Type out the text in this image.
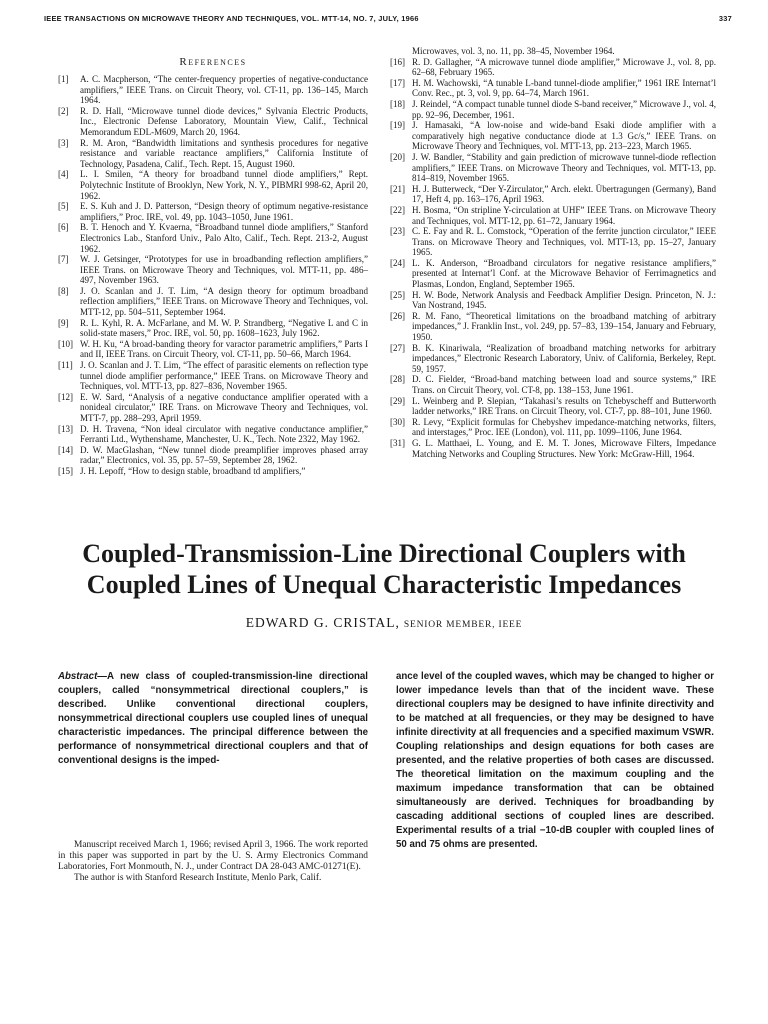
IEEE TRANSACTIONS ON MICROWAVE THEORY AND TECHNIQUES, VOL. MTT-14, NO. 7, JULY, 1966	337
References

[1] A. C. Macpherson, “The center-frequency properties of negative-conductance amplifiers,” IEEE Trans. on Circuit Theory, vol. CT-11, pp. 136–145, March 1964.

[2] R. D. Hall, “Microwave tunnel diode devices,” Sylvania Electric Products, Inc., Electronic Defense Laboratory, Mountain View, Calif., Technical Memorandum EDL-M609, March 20, 1964.

[3] R. M. Aron, “Bandwidth limitations and synthesis procedures for negative resistance and variable reactance amplifiers,” California Institute of Technology, Pasadena, Calif., Tech. Rept. 15, August 1960.

[4] L. I. Smilen, “A theory for broadband tunnel diode amplifiers,” Rept. Polytechnic Institute of Brooklyn, New York, N. Y., PIBMRI 998-62, April 20, 1962.

[5] E. S. Kuh and J. D. Patterson, “Design theory of optimum negative-resistance amplifiers,” Proc. IRE, vol. 49, pp. 1043–1050, June 1961.

[6] B. T. Henoch and Y. Kvaerna, “Broadband tunnel diode amplifiers,” Stanford Electronics Lab., Stanford Univ., Palo Alto, Calif., Tech. Rept. 213-2, August 1962.

[7] W. J. Getsinger, “Prototypes for use in broadbanding reflection amplifiers,” IEEE Trans. on Microwave Theory and Techniques, vol. MTT-11, pp. 486–497, November 1963.

[8] J. O. Scanlan and J. T. Lim, “A design theory for optimum broadband reflection amplifiers,” IEEE Trans. on Microwave Theory and Techniques, vol. MTT-12, pp. 504–511, September 1964.

[9] R. L. Kyhl, R. A. McFarlane, and M. W. P. Strandberg, “Negative L and C in solid-state masers,” Proc. IRE, vol. 50, pp. 1608–1623, July 1962.

[10] W. H. Ku, “A broad-banding theory for varactor parametric amplifiers,” Parts I and II, IEEE Trans. on Circuit Theory, vol. CT-11, pp. 50–66, March 1964.

[11] J. O. Scanlan and J. T. Lim, “The effect of parasitic elements on reflection type tunnel diode amplifier performance,” IEEE Trans. on Microwave Theory and Techniques, vol. MTT-13, pp. 827–836, November 1965.

[12] E. W. Sard, “Analysis of a negative conductance amplifier operated with a nonideal circulator,” IRE Trans. on Microwave Theory and Techniques, vol. MTT-7, pp. 288–293, April 1959.

[13] D. H. Travena, “Non ideal circulator with negative conductance amplifier,” Ferranti Ltd., Wythenshame, Manchester, U. K., Tech. Note 2322, May 1962.

[14] D. W. MacGlashan, “New tunnel diode preamplifier improves phased array radar,” Electronics, vol. 35, pp. 57–59, September 28, 1962.

[15] J. H. Lepoff, “How to design stable, broadband td amplifiers,”

Microwaves, vol. 3, no. 11, pp. 38–45, November 1964.

[16] R. D. Gallagher, “A microwave tunnel diode amplifier,” Microwave J., vol. 8, pp. 62–68, February 1965.

[17] H. M. Wachowski, “A tunable L-band tunnel-diode amplifier,” 1961 IRE Internat’l Conv. Rec., pt. 3, vol. 9, pp. 64–74, March 1961.

[18] J. Reindel, “A compact tunable tunnel diode S-band receiver,” Microwave J., vol. 4, pp. 92–96, December, 1961.

[19] J. Hamasaki, “A low-noise and wide-band Esaki diode amplifier with a comparatively high negative conductance diode at 1.3 Gc/s,” IEEE Trans. on Microwave Theory and Techniques, vol. MTT-13, pp. 213–223, March 1965.

[20] J. W. Bandler, “Stability and gain prediction of microwave tunnel-diode reflection amplifiers,” IEEE Trans. on Microwave Theory and Techniques, vol. MTT-13, pp. 814–819, November 1965.

[21] H. J. Butterweck, “Der Y-Zirculator,” Arch. elekt. Übertragungen (Germany), Band 17, Heft 4, pp. 163–176, April 1963.

[22] H. Bosma, “On stripline Y-circulation at UHF” IEEE Trans. on Microwave Theory and Techniques, vol. MTT-12, pp. 61–72, January 1964.

[23] C. E. Fay and R. L. Comstock, “Operation of the ferrite junction circulator,” IEEE Trans. on Microwave Theory and Techniques, vol. MTT-13, pp. 15–27, January 1965.

[24] L. K. Anderson, “Broadband circulators for negative resistance amplifiers,” presented at Internat’l Conf. at the Microwave Behavior of Ferrimagnetics and Plasmas, London, England, September 1965.

[25] H. W. Bode, Network Analysis and Feedback Amplifier Design. Princeton, N. J.: Van Nostrand, 1945.

[26] R. M. Fano, “Theoretical limitations on the broadband matching of arbitrary impedances,” J. Franklin Inst., vol. 249, pp. 57–83, 139–154, January and February, 1950.

[27] B. K. Kinariwala, “Realization of broadband matching networks for arbitrary impedances,” Electronic Research Laboratory, Univ. of California, Berkeley, Rept. 59, 1957.

[28] D. C. Fielder, “Broad-band matching between load and source systems,” IRE Trans. on Circuit Theory, vol. CT-8, pp. 138–153, June 1961.

[29] L. Weinberg and P. Slepian, “Takahasi’s results on Tchebyscheff and Butterworth ladder networks,” IRE Trans. on Circuit Theory, vol. CT-7, pp. 88–101, June 1960.

[30] R. Levy, “Explicit formulas for Chebyshev impedance-matching networks, filters, and interstages,” Proc. IEE (London), vol. 111, pp. 1099–1106, June 1964.

[31] G. L. Matthaei, L. Young, and E. M. T. Jones, Microwave Filters, Impedance Matching Networks and Coupling Structures. New York: McGraw-Hill, 1964.

Coupled-Transmission-Line Directional Couplers with
Coupled Lines of Unequal Characteristic Impedances
EDWARD G. CRISTAL, SENIOR MEMBER, IEEE
Abstract—A new class of coupled-transmission-line directional couplers, called “nonsymmetrical directional couplers,” is described. Unlike conventional directional couplers, nonsymmetrical directional couplers use coupled lines of unequal characteristic impedances. The principal difference between the performance of nonsymmetrical directional couplers and that of conventional designs is the imped-
ance level of the coupled waves, which may be changed to higher or lower impedance levels than that of the incident wave. These directional couplers may be designed to have infinite directivity and to be matched at all frequencies, or they may be designed to have infinite directivity at all frequencies and a specified maximum VSWR. Coupling relationships and design equations for both cases are presented, and the relative properties of both cases are discussed. The theoretical limitation on the maximum coupling and the maximum impedance transformation that can be obtained simultaneously are derived. Techniques for broadbanding by cascading additional sections of coupled lines are described. Experimental results of a trial −10-dB coupler with coupled lines of 50 and 75 ohms are presented.

Manuscript received March 1, 1966; revised April 3, 1966. The work reported in this paper was supported in part by the U. S. Army Electronics Command Laboratories, Fort Monmouth, N. J., under Contract DA 28-043 AMC-01271(E).

The author is with Stanford Research Institute, Menlo Park, Calif.
